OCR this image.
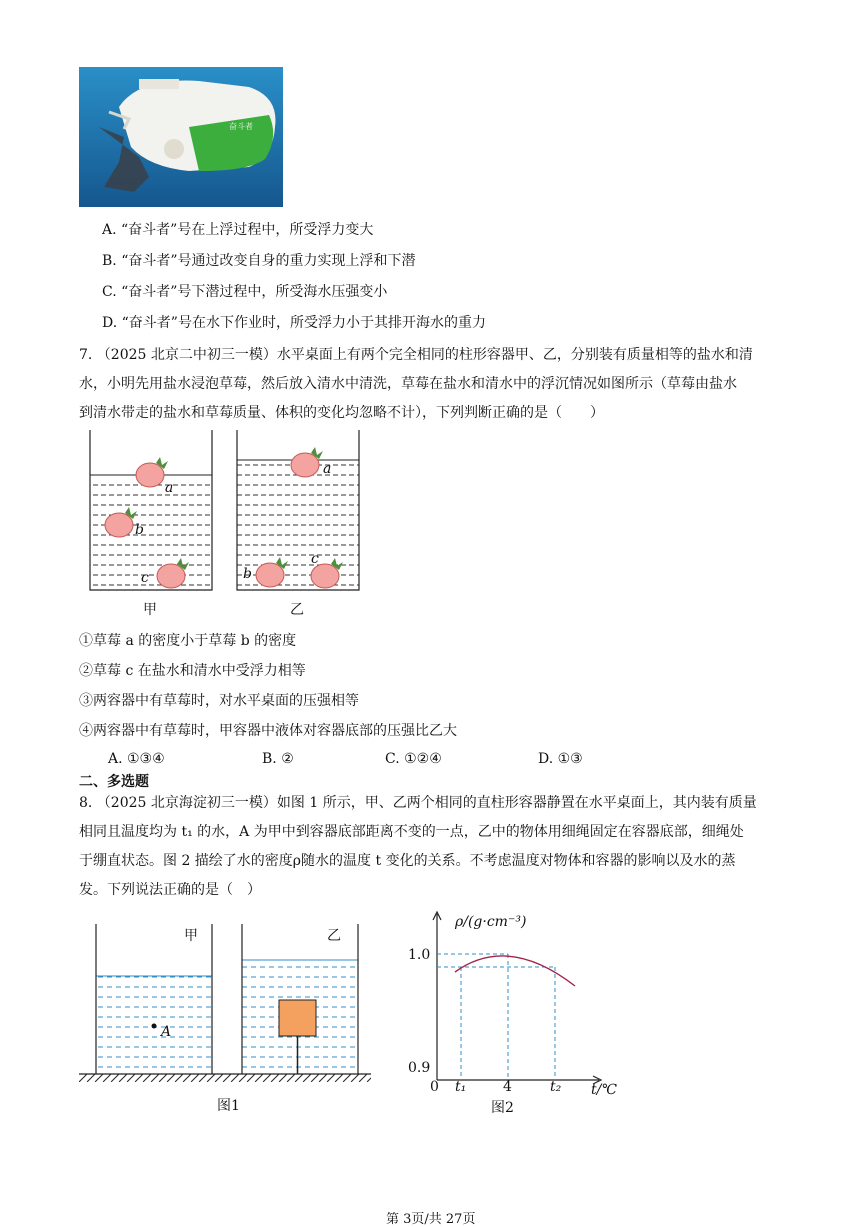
奋斗者
A. “奋斗者”号在上浮过程中，所受浮力变大
B. “奋斗者”号通过改变自身的重力实现上浮和下潜
C. “奋斗者”号下潜过程中，所受海水压强变小
D. “奋斗者”号在水下作业时，所受浮力小于其排开海水的重力
7. （2025 北京二中初三一模）水平桌面上有两个完全相同的柱形容器甲、乙，分别装有质量相等的盐水和清
水，小明先用盐水浸泡草莓，然后放入清水中清洗，草莓在盐水和清水中的浮沉情况如图所示（草莓由盐水
到清水带走的盐水和草莓质量、体积的变化均忽略不计），下列判断正确的是（　　）
a
b
c
甲
a
b
c
乙
①草莓 a 的密度小于草莓 b 的密度
②草莓 c 在盐水和清水中受浮力相等
③两容器中有草莓时，对水平桌面的压强相等
④两容器中有草莓时，甲容器中液体对容器底部的压强比乙大
A. ①③④	B. ②	C. ①②④	D. ①③
二、多选题
8. （2025 北京海淀初三一模）如图 1 所示，甲、乙两个相同的直柱形容器静置在水平桌面上，其内装有质量
相同且温度均为 t₁ 的水，A 为甲中到容器底部距离不变的一点，乙中的物体用细绳固定在容器底部，细绳处
于绷直状态。图 2 描绘了水的密度ρ随水的温度 t 变化的关系。不考虑温度对物体和容器的影响以及水的蒸
发。下列说法正确的是（　）
A
甲	乙
图1
ρ/(g·cm⁻³)
t/℃
1.0
0.9
0 t₁	4	t₂
图2
第 3页/共 27页
